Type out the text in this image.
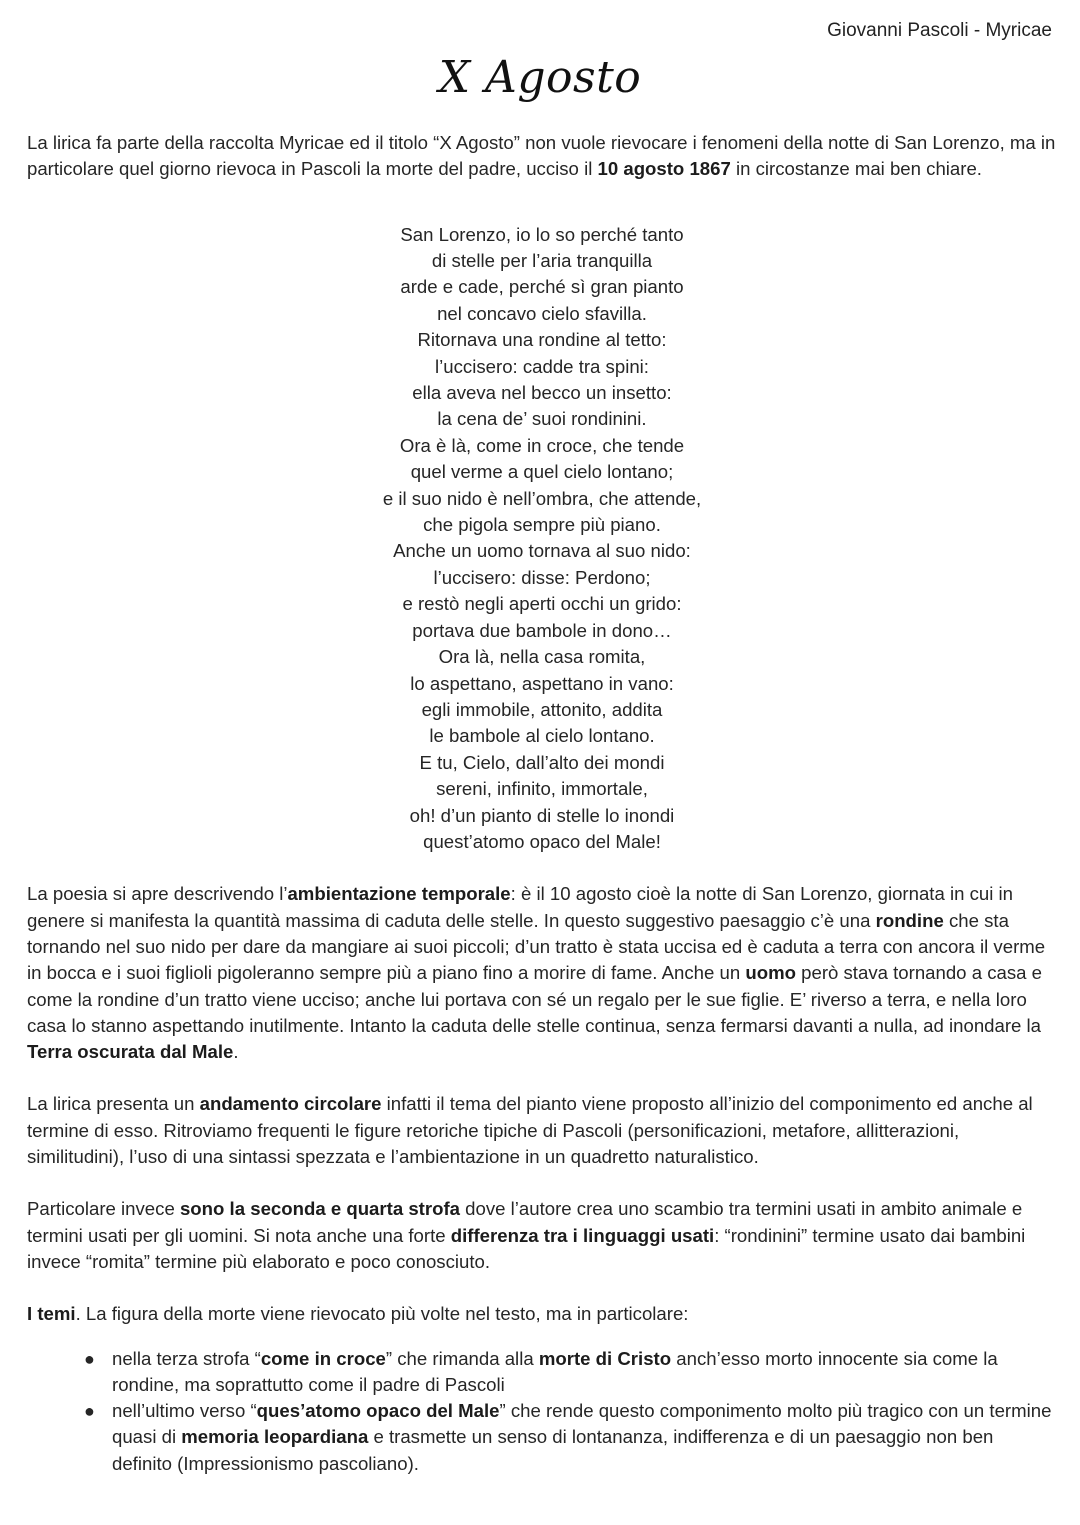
Giovanni Pascoli - Myricae
X Agosto

La lirica fa parte della raccolta Myricae ed il titolo “X Agosto” non vuole rievocare i fenomeni della notte di San Lorenzo, ma in particolare quel giorno rievoca in Pascoli la morte del padre, ucciso il 10 agosto 1867 in circostanze mai ben chiare.

San Lorenzo, io lo so perché tanto
di stelle per l’aria tranquilla
arde e cade, perché sì gran pianto
nel concavo cielo sfavilla.
Ritornava una rondine al tetto:
l’uccisero: cadde tra spini:
ella aveva nel becco un insetto:
la cena de’ suoi rondinini.
Ora è là, come in croce, che tende
quel verme a quel cielo lontano;
e il suo nido è nell’ombra, che attende,
che pigola sempre più piano.
Anche un uomo tornava al suo nido:
l’uccisero: disse: Perdono;
e restò negli aperti occhi un grido:
portava due bambole in dono…
Ora là, nella casa romita,
lo aspettano, aspettano in vano:
egli immobile, attonito, addita
le bambole al cielo lontano.
E tu, Cielo, dall’alto dei mondi
sereni, infinito, immortale,
oh! d’un pianto di stelle lo inondi
quest’atomo opaco del Male!

La poesia si apre descrivendo l’ambientazione temporale: è il 10 agosto cioè la notte di San Lorenzo, giornata in cui in genere si manifesta la quantità massima di caduta delle stelle. In questo suggestivo paesaggio c’è una rondine che sta tornando nel suo nido per dare da mangiare ai suoi piccoli; d’un tratto è stata uccisa ed è caduta a terra con ancora il verme in bocca e i suoi figlioli pigoleranno sempre più a piano fino a morire di fame. Anche un uomo però stava tornando a casa e come la rondine d’un tratto viene ucciso; anche lui portava con sé un regalo per le sue figlie. E’ riverso a terra, e nella loro casa lo stanno aspettando inutilmente. Intanto la caduta delle stelle continua, senza fermarsi davanti a nulla, ad inondare la Terra oscurata dal Male.

La lirica presenta un andamento circolare infatti il tema del pianto viene proposto all’inizio del componimento ed anche al termine di esso. Ritroviamo frequenti le figure retoriche tipiche di Pascoli (personificazioni, metafore, allitterazioni, similitudini), l’uso di una sintassi spezzata e l’ambientazione in un quadretto naturalistico.

Particolare invece sono la seconda e quarta strofa dove l’autore crea uno scambio tra termini usati in ambito animale e termini usati per gli uomini. Si nota anche una forte differenza tra i linguaggi usati: “rondinini” termine usato dai bambini invece “romita” termine più elaborato e poco conosciuto.

I temi. La figura della morte viene rievocato più volte nel testo, ma in particolare:

● nella terza strofa “come in croce” che rimanda alla morte di Cristo anch’esso morto innocente sia come la rondine, ma soprattutto come il padre di Pascoli
● nell’ultimo verso “ques’atomo opaco del Male” che rende questo componimento molto più tragico con un termine quasi di memoria leopardiana e trasmette un senso di lontananza, indifferenza e di un paesaggio non ben definito (Impressionismo pascoliano).
